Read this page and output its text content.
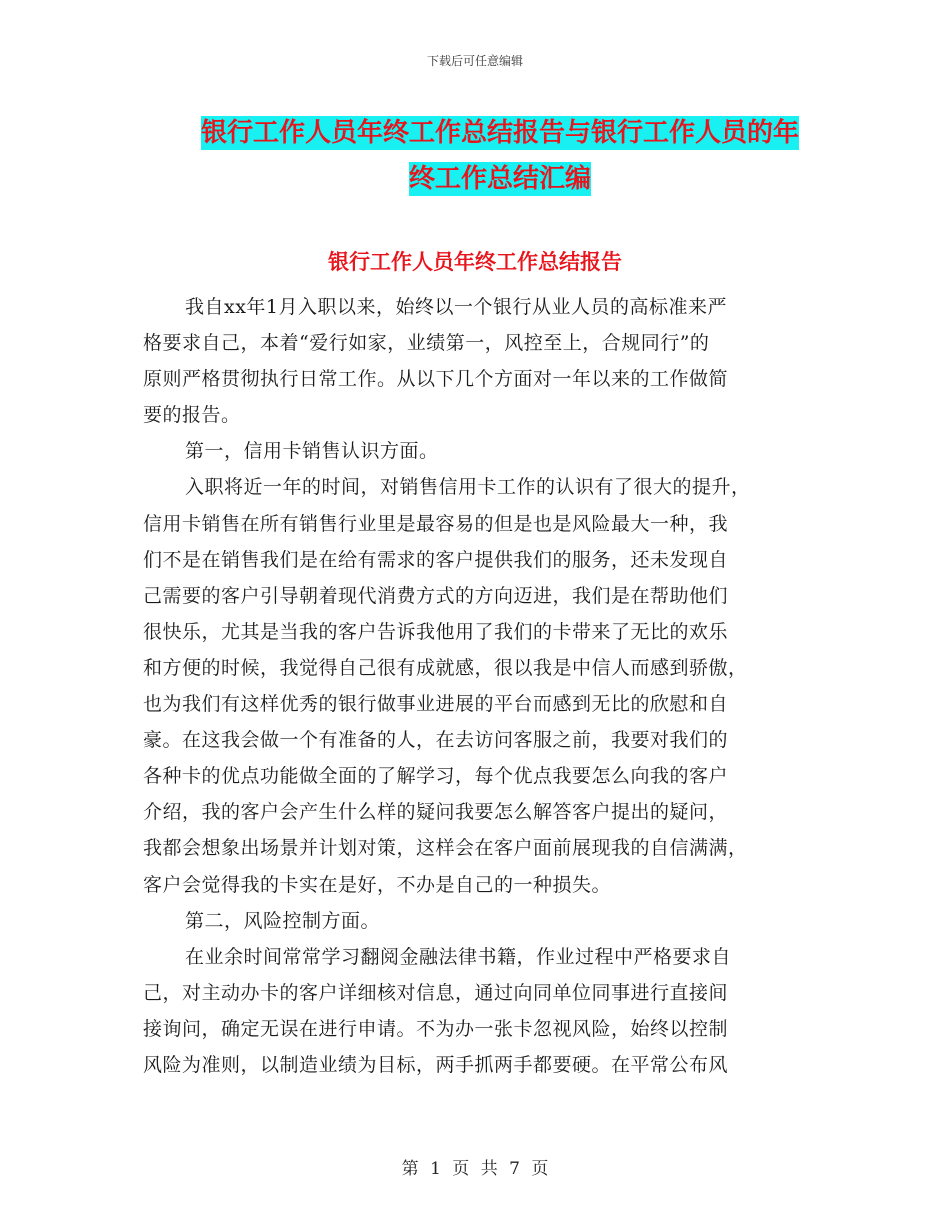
下载后可任意编辑
银行工作人员年终工作总结报告与银行工作人员的年
终工作总结汇编
银行工作人员年终工作总结报告
我自xx年1月入职以来，始终以一个银行从业人员的高标准来严
格要求自己，本着“爱行如家，业绩第一，风控至上，合规同行”的
原则严格贯彻执行日常工作。从以下几个方面对一年以来的工作做简
要的报告。
第一，信用卡销售认识方面。
入职将近一年的时间，对销售信用卡工作的认识有了很大的提升，
信用卡销售在所有销售行业里是最容易的但是也是风险最大一种，我
们不是在销售我们是在给有需求的客户提供我们的服务，还未发现自
己需要的客户引导朝着现代消费方式的方向迈进，我们是在帮助他们
很快乐，尤其是当我的客户告诉我他用了我们的卡带来了无比的欢乐
和方便的时候，我觉得自己很有成就感，很以我是中信人而感到骄傲，
也为我们有这样优秀的银行做事业进展的平台而感到无比的欣慰和自
豪。在这我会做一个有准备的人，在去访问客服之前，我要对我们的
各种卡的优点功能做全面的了解学习，每个优点我要怎么向我的客户
介绍，我的客户会产生什么样的疑问我要怎么解答客户提出的疑问，
我都会想象出场景并计划对策，这样会在客户面前展现我的自信满满，
客户会觉得我的卡实在是好，不办是自己的一种损失。
第二，风险控制方面。
在业余时间常常学习翻阅金融法律书籍，作业过程中严格要求自
己，对主动办卡的客户详细核对信息，通过向同单位同事进行直接间
接询问，确定无误在进行申请。不为办一张卡忽视风险，始终以控制
风险为准则，以制造业绩为目标，两手抓两手都要硬。在平常公布风
第 1 页 共 7 页
